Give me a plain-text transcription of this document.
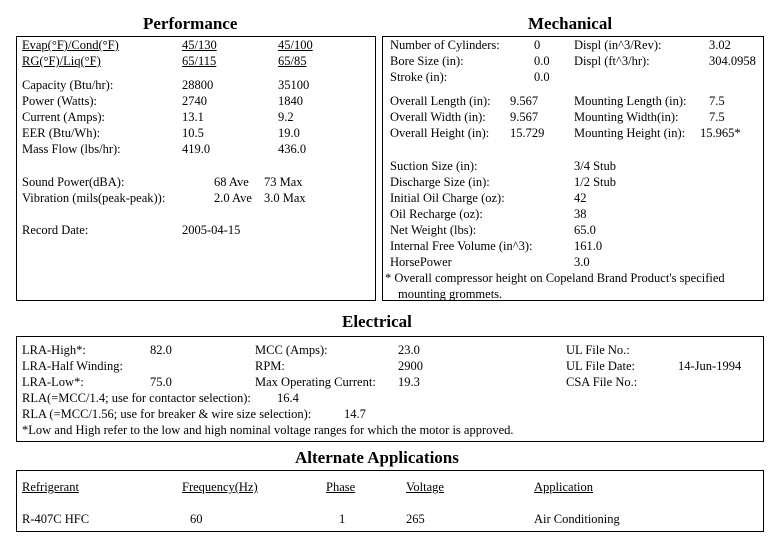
Performance
Evap(°F)/Cond(°F)	45/130	45/100
RG(°F)/Liq(°F)	65/115	65/85
Capacity (Btu/hr):	28800	35100
Power (Watts):	2740	1840
Current (Amps):	13.1	9.2
EER (Btu/Wh):	10.5	19.0
Mass Flow (lbs/hr):	419.0	436.0
Sound Power(dBA):	68 Ave 73 Max
Vibration (mils(peak-peak)):	2.0 Ave 3.0 Max
Record Date:	2005-04-15
Mechanical
Number of Cylinders:	0
Bore Size (in):	0.0
Stroke (in):	0.0
Displ (in^3/Rev):	3.02
Displ (ft^3/hr):	304.0958
Overall Length (in): 9.567
Overall Width (in): 9.567
Overall Height (in): 15.729
Mounting Length (in): 7.5
Mounting Width(in): 7.5
Mounting Height (in): 15.965*
Suction Size (in):	3/4 Stub
Discharge Size (in):	1/2 Stub
Initial Oil Charge (oz):	42
Oil Recharge (oz):	38
Net Weight (lbs):	65.0
Internal Free Volume (in^3):	161.0
HorsePower	3.0
* Overall compressor height on Copeland Brand Product's specified
mounting grommets.
Electrical
LRA-High*:	82.0
LRA-Half Winding:
LRA-Low*:	75.0
MCC (Amps):	23.0
RPM:	2900
Max Operating Current: 19.3
UL File No.:
UL File Date:	14-Jun-1994
CSA File No.:
RLA(=MCC/1.4; use for contactor selection): 16.4
RLA (=MCC/1.56; use for breaker & wire size selection):	14.7
*Low and High refer to the low and high nominal voltage ranges for which the motor is approved.
Alternate Applications
Refrigerant	Frequency(Hz)	Phase	Voltage	Application
R-407C HFC	60	1	265	Air Conditioning
